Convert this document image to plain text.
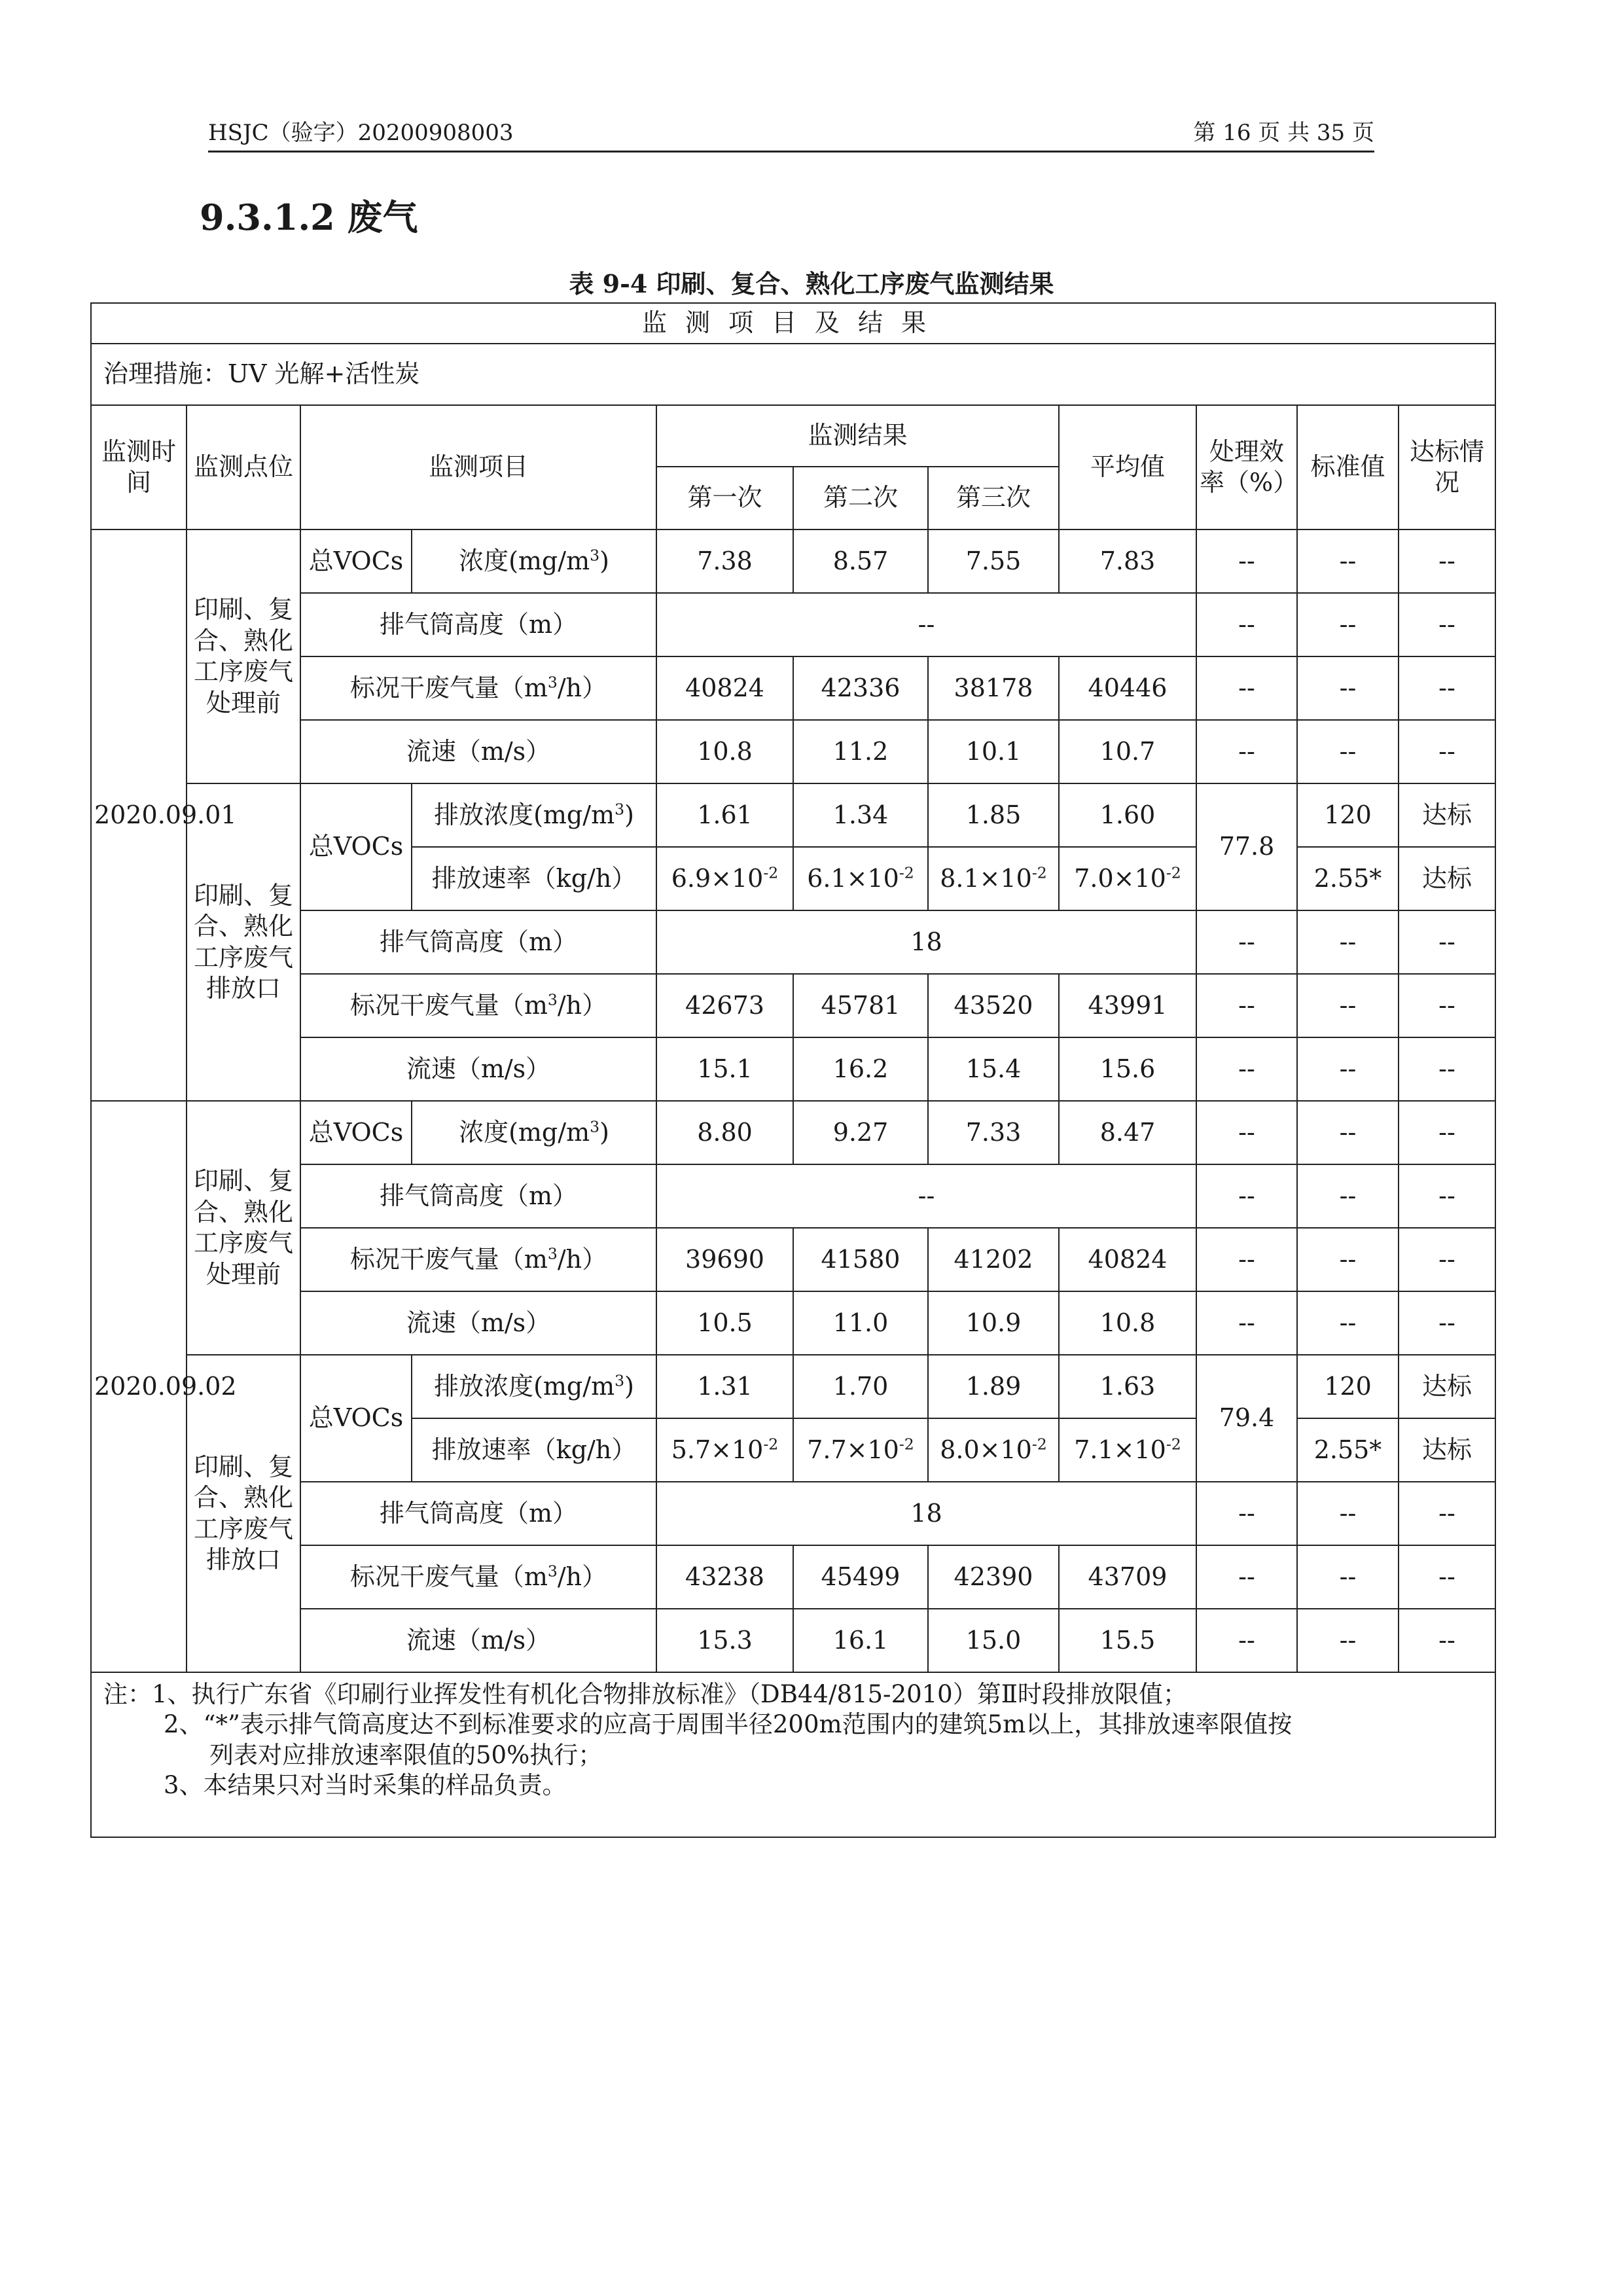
HSJC（验字）20200908003	第 16 页 共 35 页
9.3.1.2 废气
表 9-4 印刷、复合、熟化工序废气监测结果
监测项目及结果										
治理措施：UV 光解+活性炭										
监测时间	监测点位	监测项目		监测结果			平均值	处理效率（%）	标准值	达标情况
				第一次	第二次	第三次				
2020.09.01	印刷、复合、熟化工序废气处理前	总VOCs	浓度$(mg/m^3)$	7.38	8.57	7.55	7.83	--	--	--
		排气筒高度（m）		--				--	--	--
		标况干废气量$(m^3/h)$		40824	42336	38178	40446	--	--	--
		流速（m/s）		10.8	11.2	10.1	10.7	--	--	--
	印刷、复合、熟化工序废气排放口	总VOCs	排放浓度$(mg/m^3)$	1.61	1.34	1.85	1.60	77.8	120	达标
			排放速率（kg/h）	$6.9\times 10^{-2}$	$6.1\times 10^{-2}$	$8.1\times 10^{-2}$	$7.0\times 10^{-2}$		2.55*	达标
		排气筒高度（m）		18				--	--	--
		标况干废气量$(m^3/h)$		42673	45781	43520	43991	--	--	--
		流速（m/s）		15.1	16.2	15.4	15.6	--	--	--
2020.09.02	印刷、复合、熟化工序废气处理前	总VOCs	浓度$(mg/m^3)$	8.80	9.27	7.33	8.47	--	--	--
		排气筒高度（m）		--				--	--	--
		标况干废气量$(m^3/h)$		39690	41580	41202	40824	--	--	--
		流速（m/s）		10.5	11.0	10.9	10.8	--	--	--
	印刷、复合、熟化工序废气排放口	总VOCs	排放浓度$(mg/m^3)$	1.31	1.70	1.89	1.63	79.4	120	达标
			排放速率（kg/h）	$5.7\times 10^{-2}$	$7.7\times 10^{-2}$	$8.0\times 10^{-2}$	$7.1\times 10^{-2}$		2.55*	达标
		排气筒高度（m）		18				--	--	--
		标况干废气量$(m^3/h)$		43238	45499	42390	43709	--	--	--
		流速（m/s）		15.3	16.1	15.0	15.5	--	--	--

注：1、执行广东省《印刷行业挥发性有机化合物排放标准》（DB44/815-2010）第Ⅱ时段排放限值；
2、“*”表示排气筒高度达不到标准要求的应高于周围半径200m范围内的建筑5m以上，其排放速率限值按
列表对应排放速率限值的50%执行；
3、本结果只对当时采集的样品负责。										
